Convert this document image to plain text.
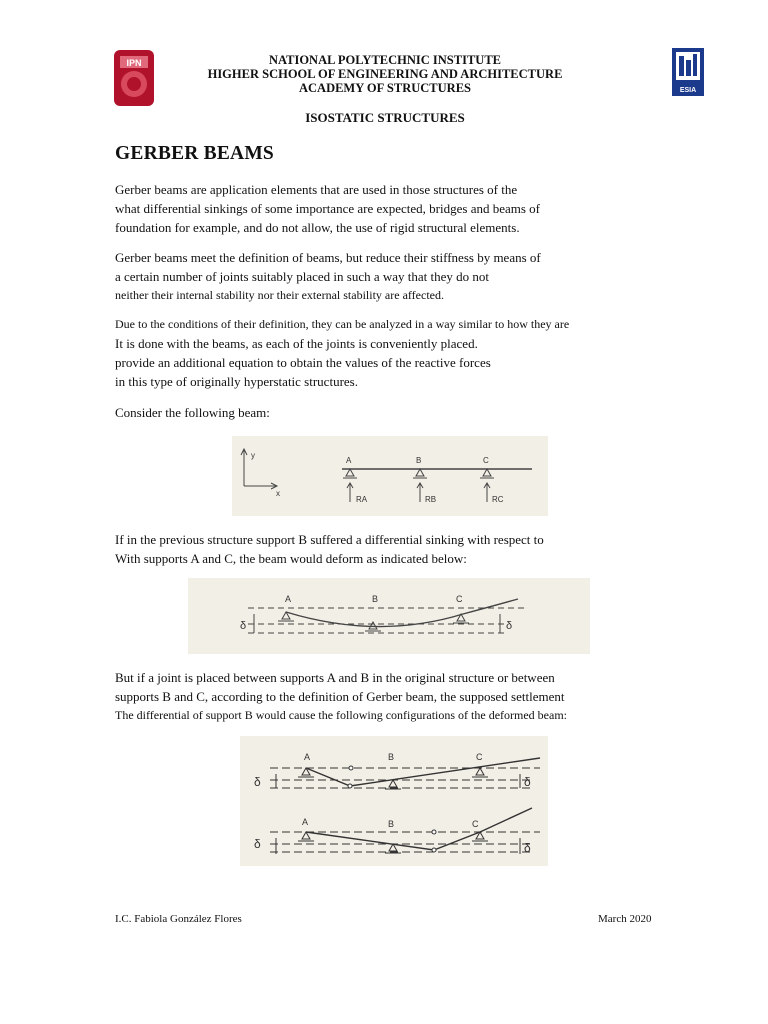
IPN
ESIA
NATIONAL POLYTECHNIC INSTITUTE
HIGHER SCHOOL OF ENGINEERING AND ARCHITECTURE
ACADEMY OF STRUCTURES
ISOSTATIC STRUCTURES
GERBER BEAMS
Gerber beams are application elements that are used in those structures of the
what differential sinkings of some importance are expected, bridges and beams of
foundation for example, and do not allow, the use of rigid structural elements.
Gerber beams meet the definition of beams, but reduce their stiffness by means of
a certain number of joints suitably placed in such a way that they do not
neither their internal stability nor their external stability are affected.
Due to the conditions of their definition, they can be analyzed in a way similar to how they are
It is done with the beams, as each of the joints is conveniently placed.
provide an additional equation to obtain the values of the reactive forces
in this type of originally hyperstatic structures.
Consider the following beam:
y
x
A	B	C
RA	RB	RC
If in the previous structure support B suffered a differential sinking with respect to
With supports A and C, the beam would deform as indicated below:
A	B	C
δ	δ
But if a joint is placed between supports A and B in the original structure or between
supports B and C, according to the definition of Gerber beam, the supposed settlement
The differential of support B would cause the following configurations of the deformed beam:
A	B	C
δ	δ
A	B	C
δ	δ
I.C. Fabiola González Flores	March 2020
